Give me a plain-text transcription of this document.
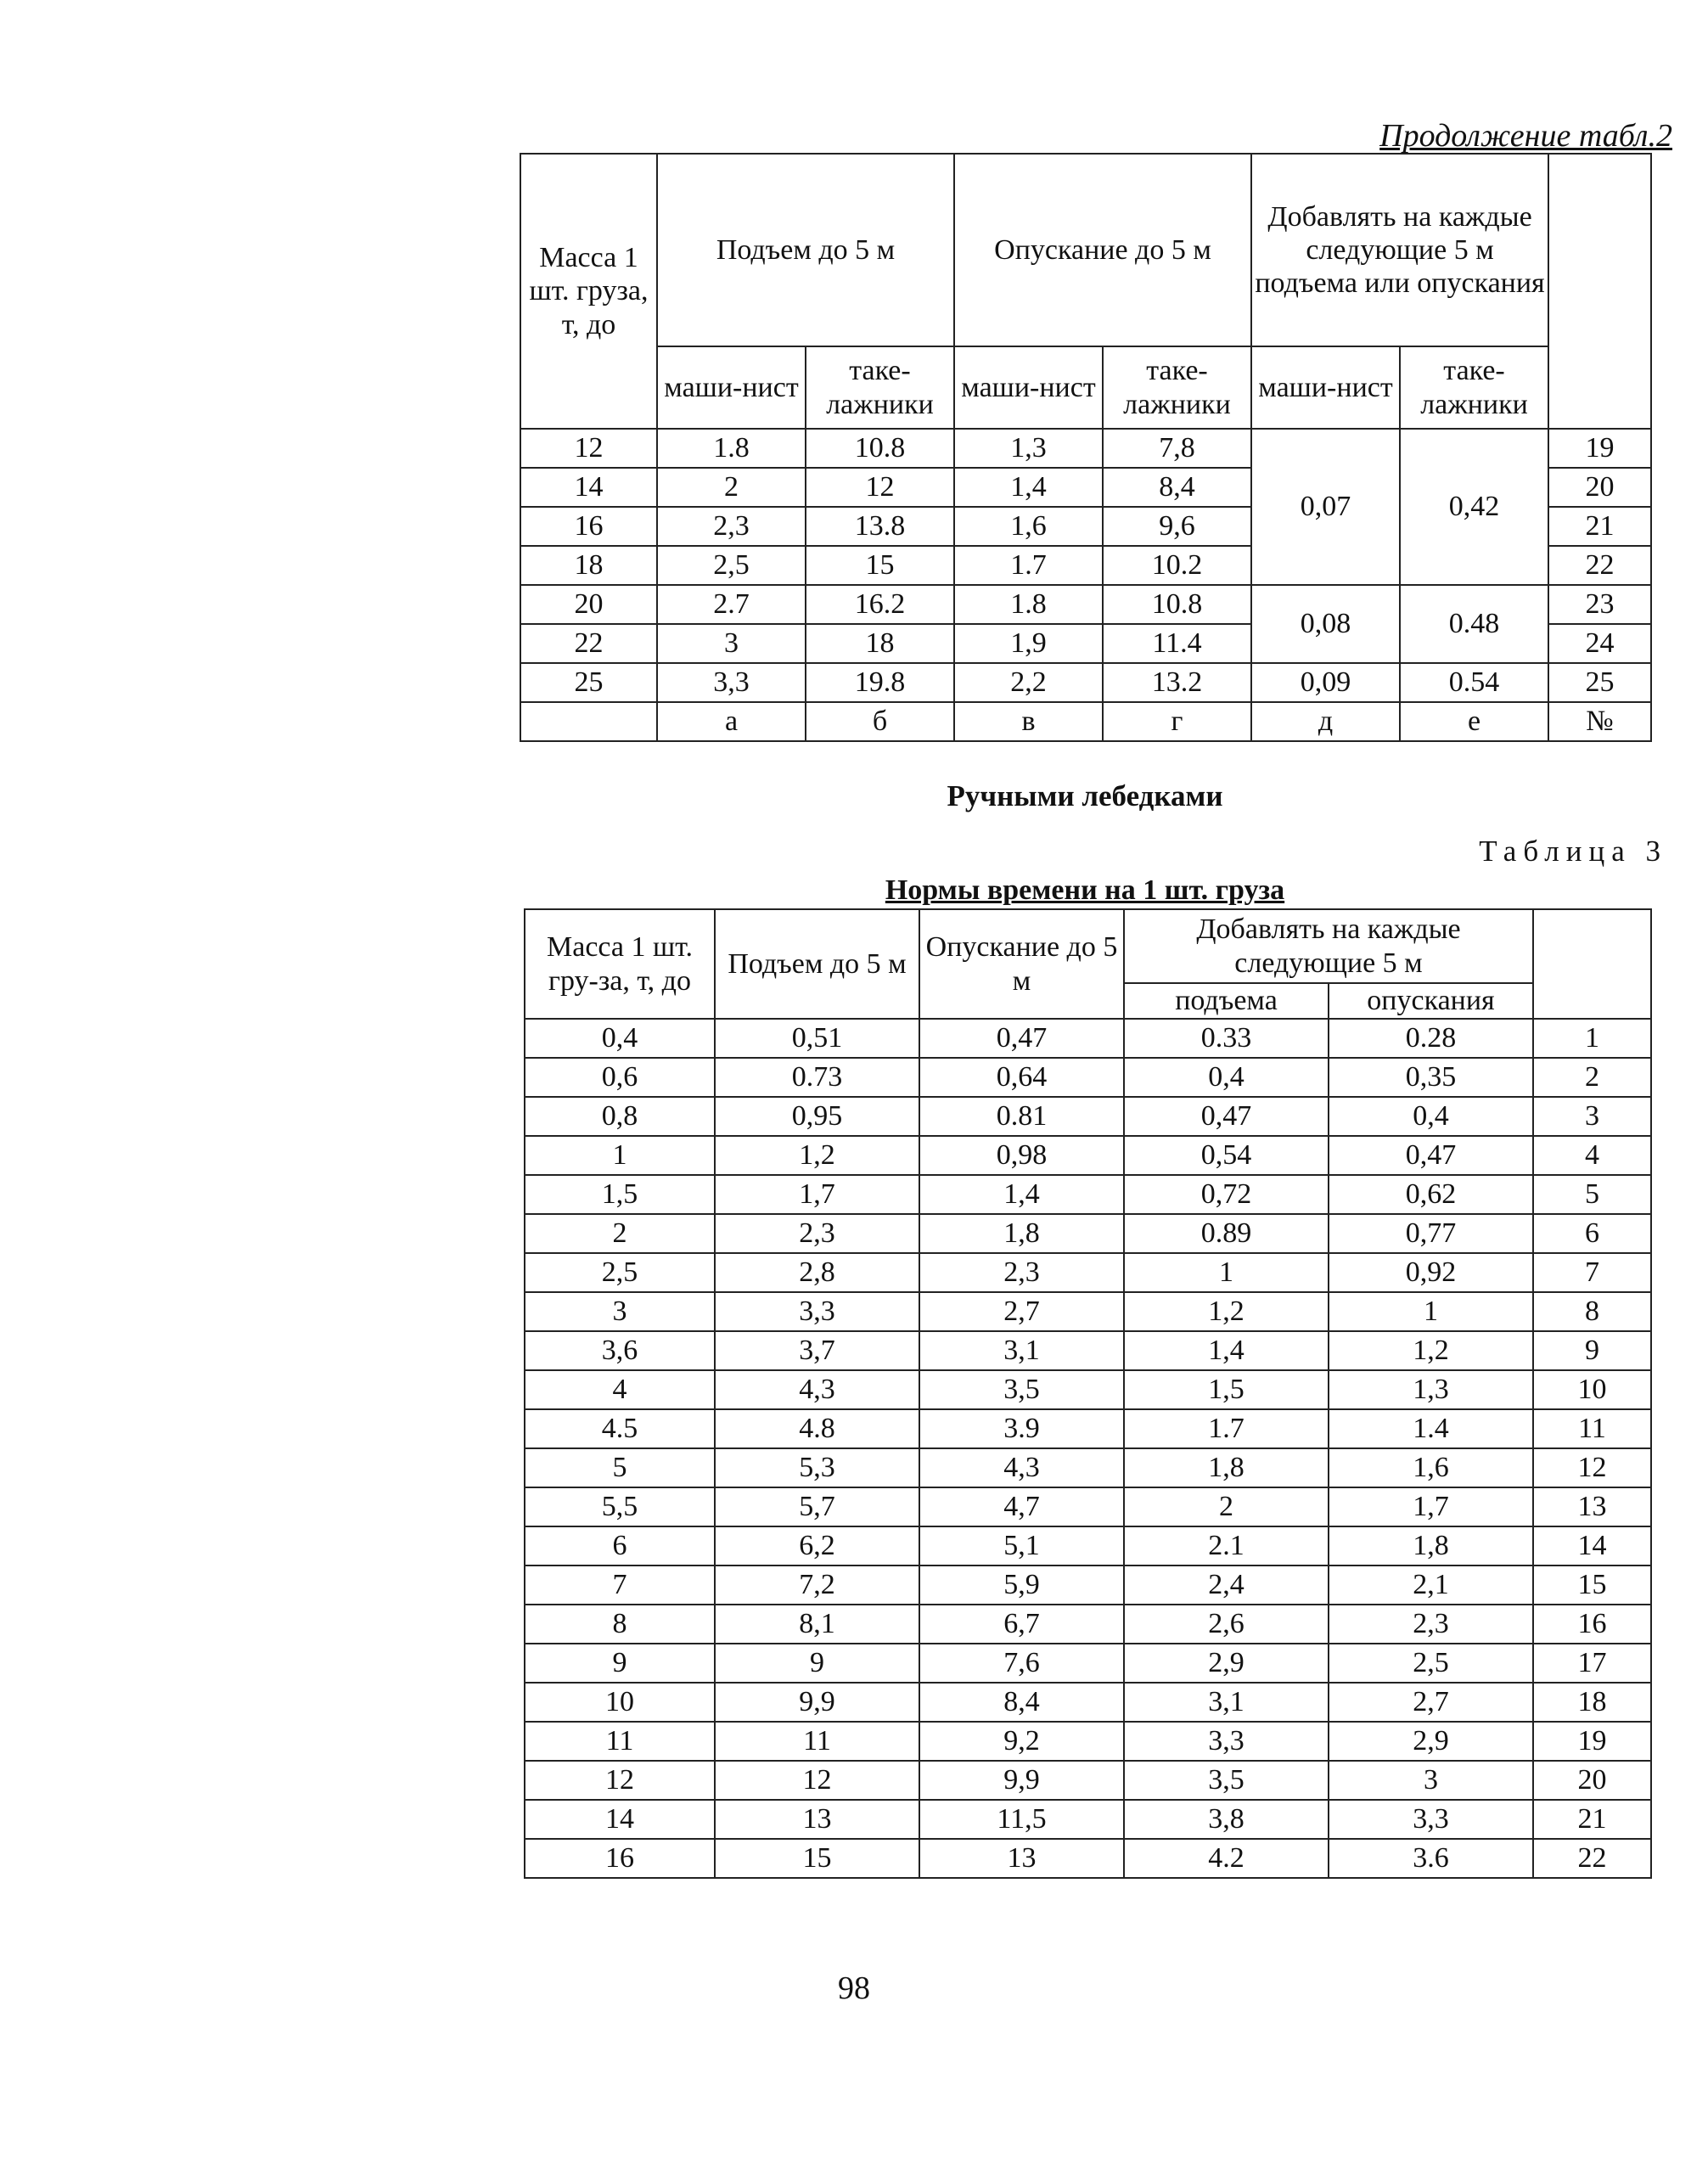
Продолжение табл.2
Масса 1 шт. груза, т, до	Подъем до 5 м		Опускание до 5 м		Добавлять на каждые следующие 5 м подъема или опускания		
	маши-нист	таке-лажники	маши-нист	таке-лажники	маши-нист	таке-лажники	
12	1.8	10.8	1,3	7,8	0,07	0,42	19
14	2	12	1,4	8,4			20
16	2,3	13.8	1,6	9,6			21
18	2,5	15	1.7	10.2			22
20	2.7	16.2	1.8	10.8	0,08	0.48	23
22	3	18	1,9	11.4			24
25	3,3	19.8	2,2	13.2	0,09	0.54	25
	а	б	в	г	д	е	№
Ручными лебедками
Таблица 3
Нормы времени на 1 шт. груза
Масса 1 шт. гру-за, т, до	Подъем до 5 м	Опускание до 5 м	Добавлять на каждые следующие 5 м		
			подъема	опускания	
0,4	0,51	0,47	0.33	0.28	1
0,6	0.73	0,64	0,4	0,35	2
0,8	0,95	0.81	0,47	0,4	3
1	1,2	0,98	0,54	0,47	4
1,5	1,7	1,4	0,72	0,62	5
2	2,3	1,8	0.89	0,77	6
2,5	2,8	2,3	1	0,92	7
3	3,3	2,7	1,2	1	8
3,6	3,7	3,1	1,4	1,2	9
4	4,3	3,5	1,5	1,3	10
4.5	4.8	3.9	1.7	1.4	11
5	5,3	4,3	1,8	1,6	12
5,5	5,7	4,7	2	1,7	13
6	6,2	5,1	2.1	1,8	14
7	7,2	5,9	2,4	2,1	15
8	8,1	6,7	2,6	2,3	16
9	9	7,6	2,9	2,5	17
10	9,9	8,4	3,1	2,7	18
11	11	9,2	3,3	2,9	19
12	12	9,9	3,5	3	20
14	13	11,5	3,8	3,3	21
16	15	13	4.2	3.6	22
98
